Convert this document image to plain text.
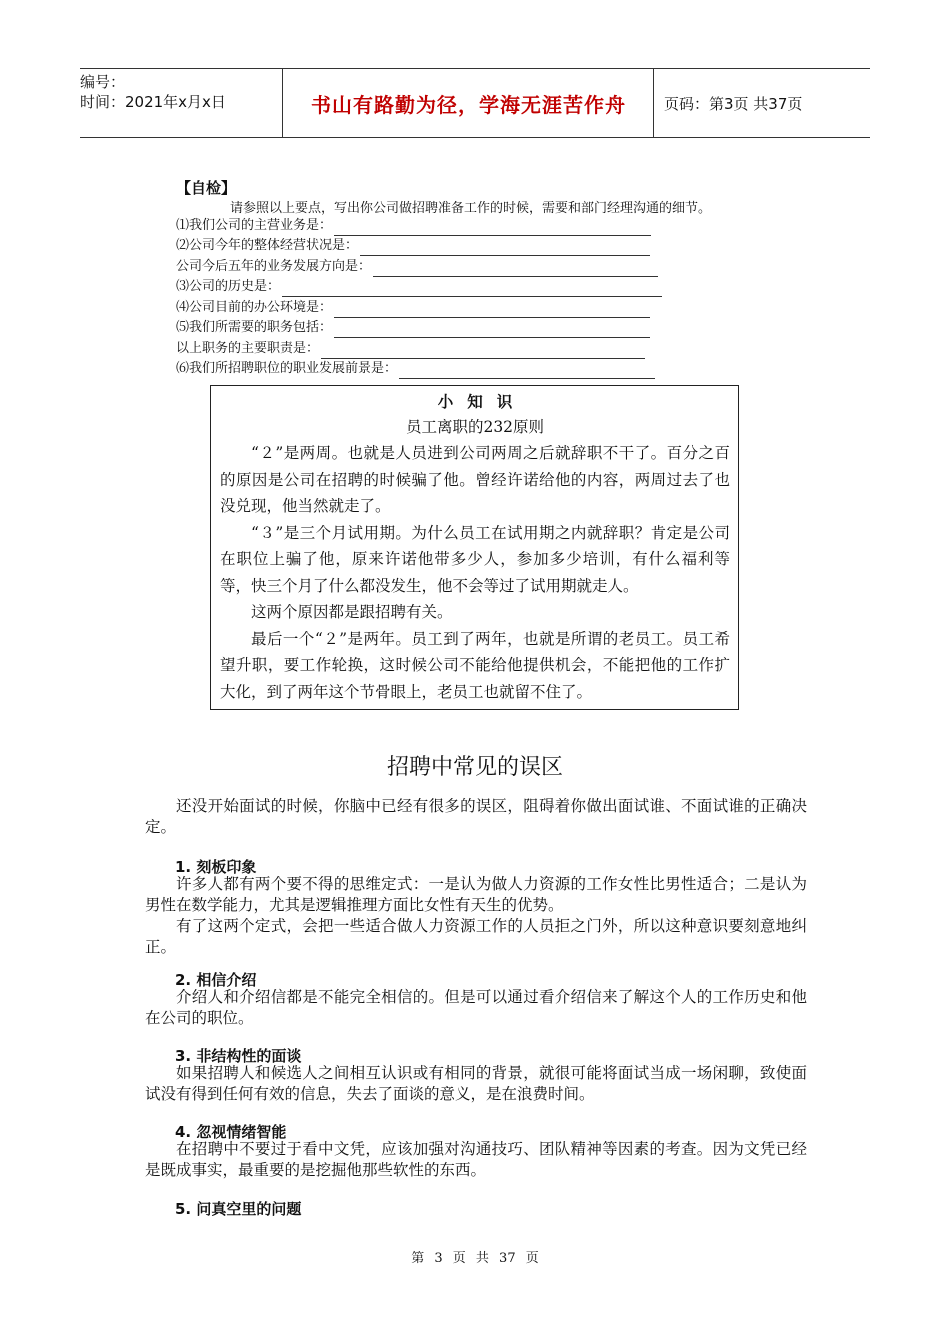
编号：
时间：2021年x月x日	书山有路勤为径，学海无涯苦作舟	页码：第3页 共37页
【自检】
请参照以上要点，写出你公司做招聘准备工作的时候，需要和部门经理沟通的细节。
⑴我们公司的主营业务是：
⑵公司今年的整体经营状况是：
公司今后五年的业务发展方向是：
⑶公司的历史是：
⑷公司目前的办公环境是：
⑸我们所需要的职务包括：
以上职务的主要职责是：
⑹我们所招聘职位的职业发展前景是：
小知识
员工离职的232原则

“２”是两周。也就是人员进到公司两周之后就辞职不干了。百分之百的原因是公司在招聘的时候骗了他。曾经许诺给他的内容，两周过去了也没兑现，他当然就走了。

“３”是三个月试用期。为什么员工在试用期之内就辞职？肯定是公司在职位上骗了他，原来许诺他带多少人，参加多少培训，有什么福利等等，快三个月了什么都没发生，他不会等过了试用期就走人。

这两个原因都是跟招聘有关。

最后一个“２”是两年。员工到了两年，也就是所谓的老员工。员工希望升职，要工作轮换，这时候公司不能给他提供机会，不能把他的工作扩大化，到了两年这个节骨眼上，老员工也就留不住了。

招聘中常见的误区
还没开始面试的时候，你脑中已经有很多的误区，阻碍着你做出面试谁、不面试谁的正确决定。
1. 刻板印象
许多人都有两个要不得的思维定式：一是认为做人力资源的工作女性比男性适合；二是认为男性在数学能力，尤其是逻辑推理方面比女性有天生的优势。
有了这两个定式，会把一些适合做人力资源工作的人员拒之门外，所以这种意识要刻意地纠正。
2. 相信介绍
介绍人和介绍信都是不能完全相信的。但是可以通过看介绍信来了解这个人的工作历史和他在公司的职位。
3. 非结构性的面谈
如果招聘人和候选人之间相互认识或有相同的背景，就很可能将面试当成一场闲聊，致使面试没有得到任何有效的信息，失去了面谈的意义，是在浪费时间。
4. 忽视情绪智能
在招聘中不要过于看中文凭，应该加强对沟通技巧、团队精神等因素的考查。因为文凭已经是既成事实，最重要的是挖掘他那些软性的东西。
5. 问真空里的问题
第 3 页 共 37 页
